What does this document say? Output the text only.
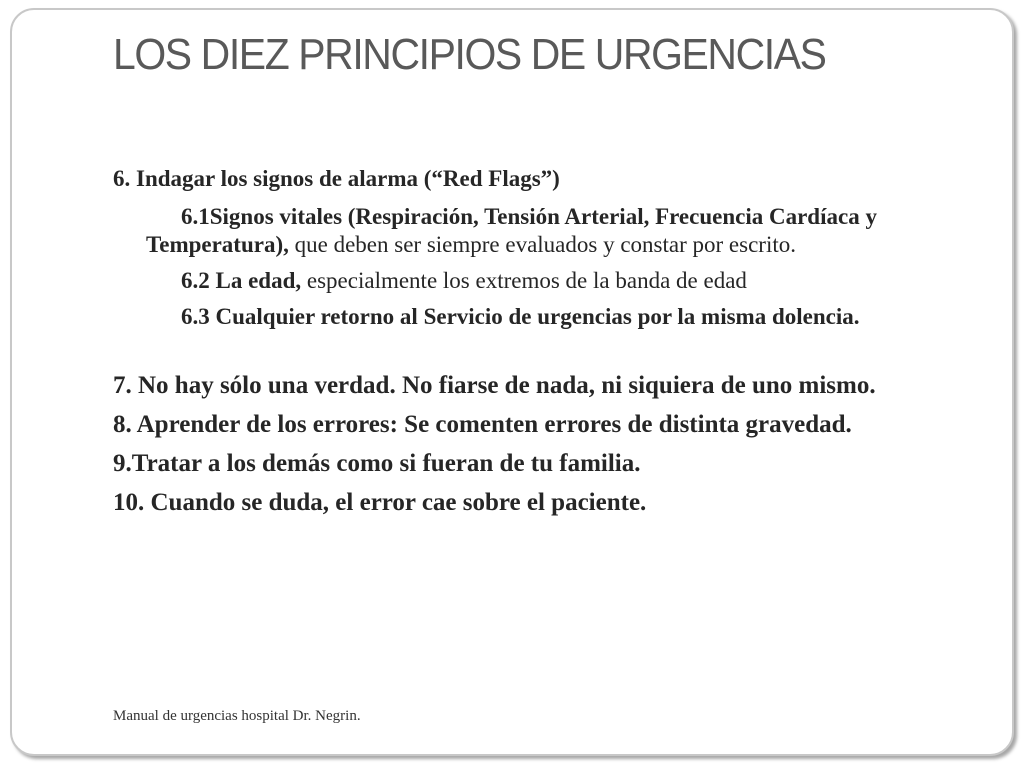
LOS DIEZ PRINCIPIOS DE URGENCIAS

6. Indagar los signos de alarma (“Red Flags”)

6.1Signos vitales (Respiración, Tensión Arterial, Frecuencia Cardíaca y Temperatura), que deben ser siempre evaluados y constar por escrito.

6.2 La edad, especialmente los extremos de la banda de edad

6.3 Cualquier retorno al Servicio de urgencias por la misma dolencia.

7. No hay sólo una verdad. No fiarse de nada, ni siquiera de uno mismo.

8. Aprender de los errores: Se comenten errores de distinta gravedad.

9.Tratar a los demás como si fueran de tu familia.

10. Cuando se duda, el error cae sobre el paciente.

Manual de urgencias hospital Dr. Negrin.
